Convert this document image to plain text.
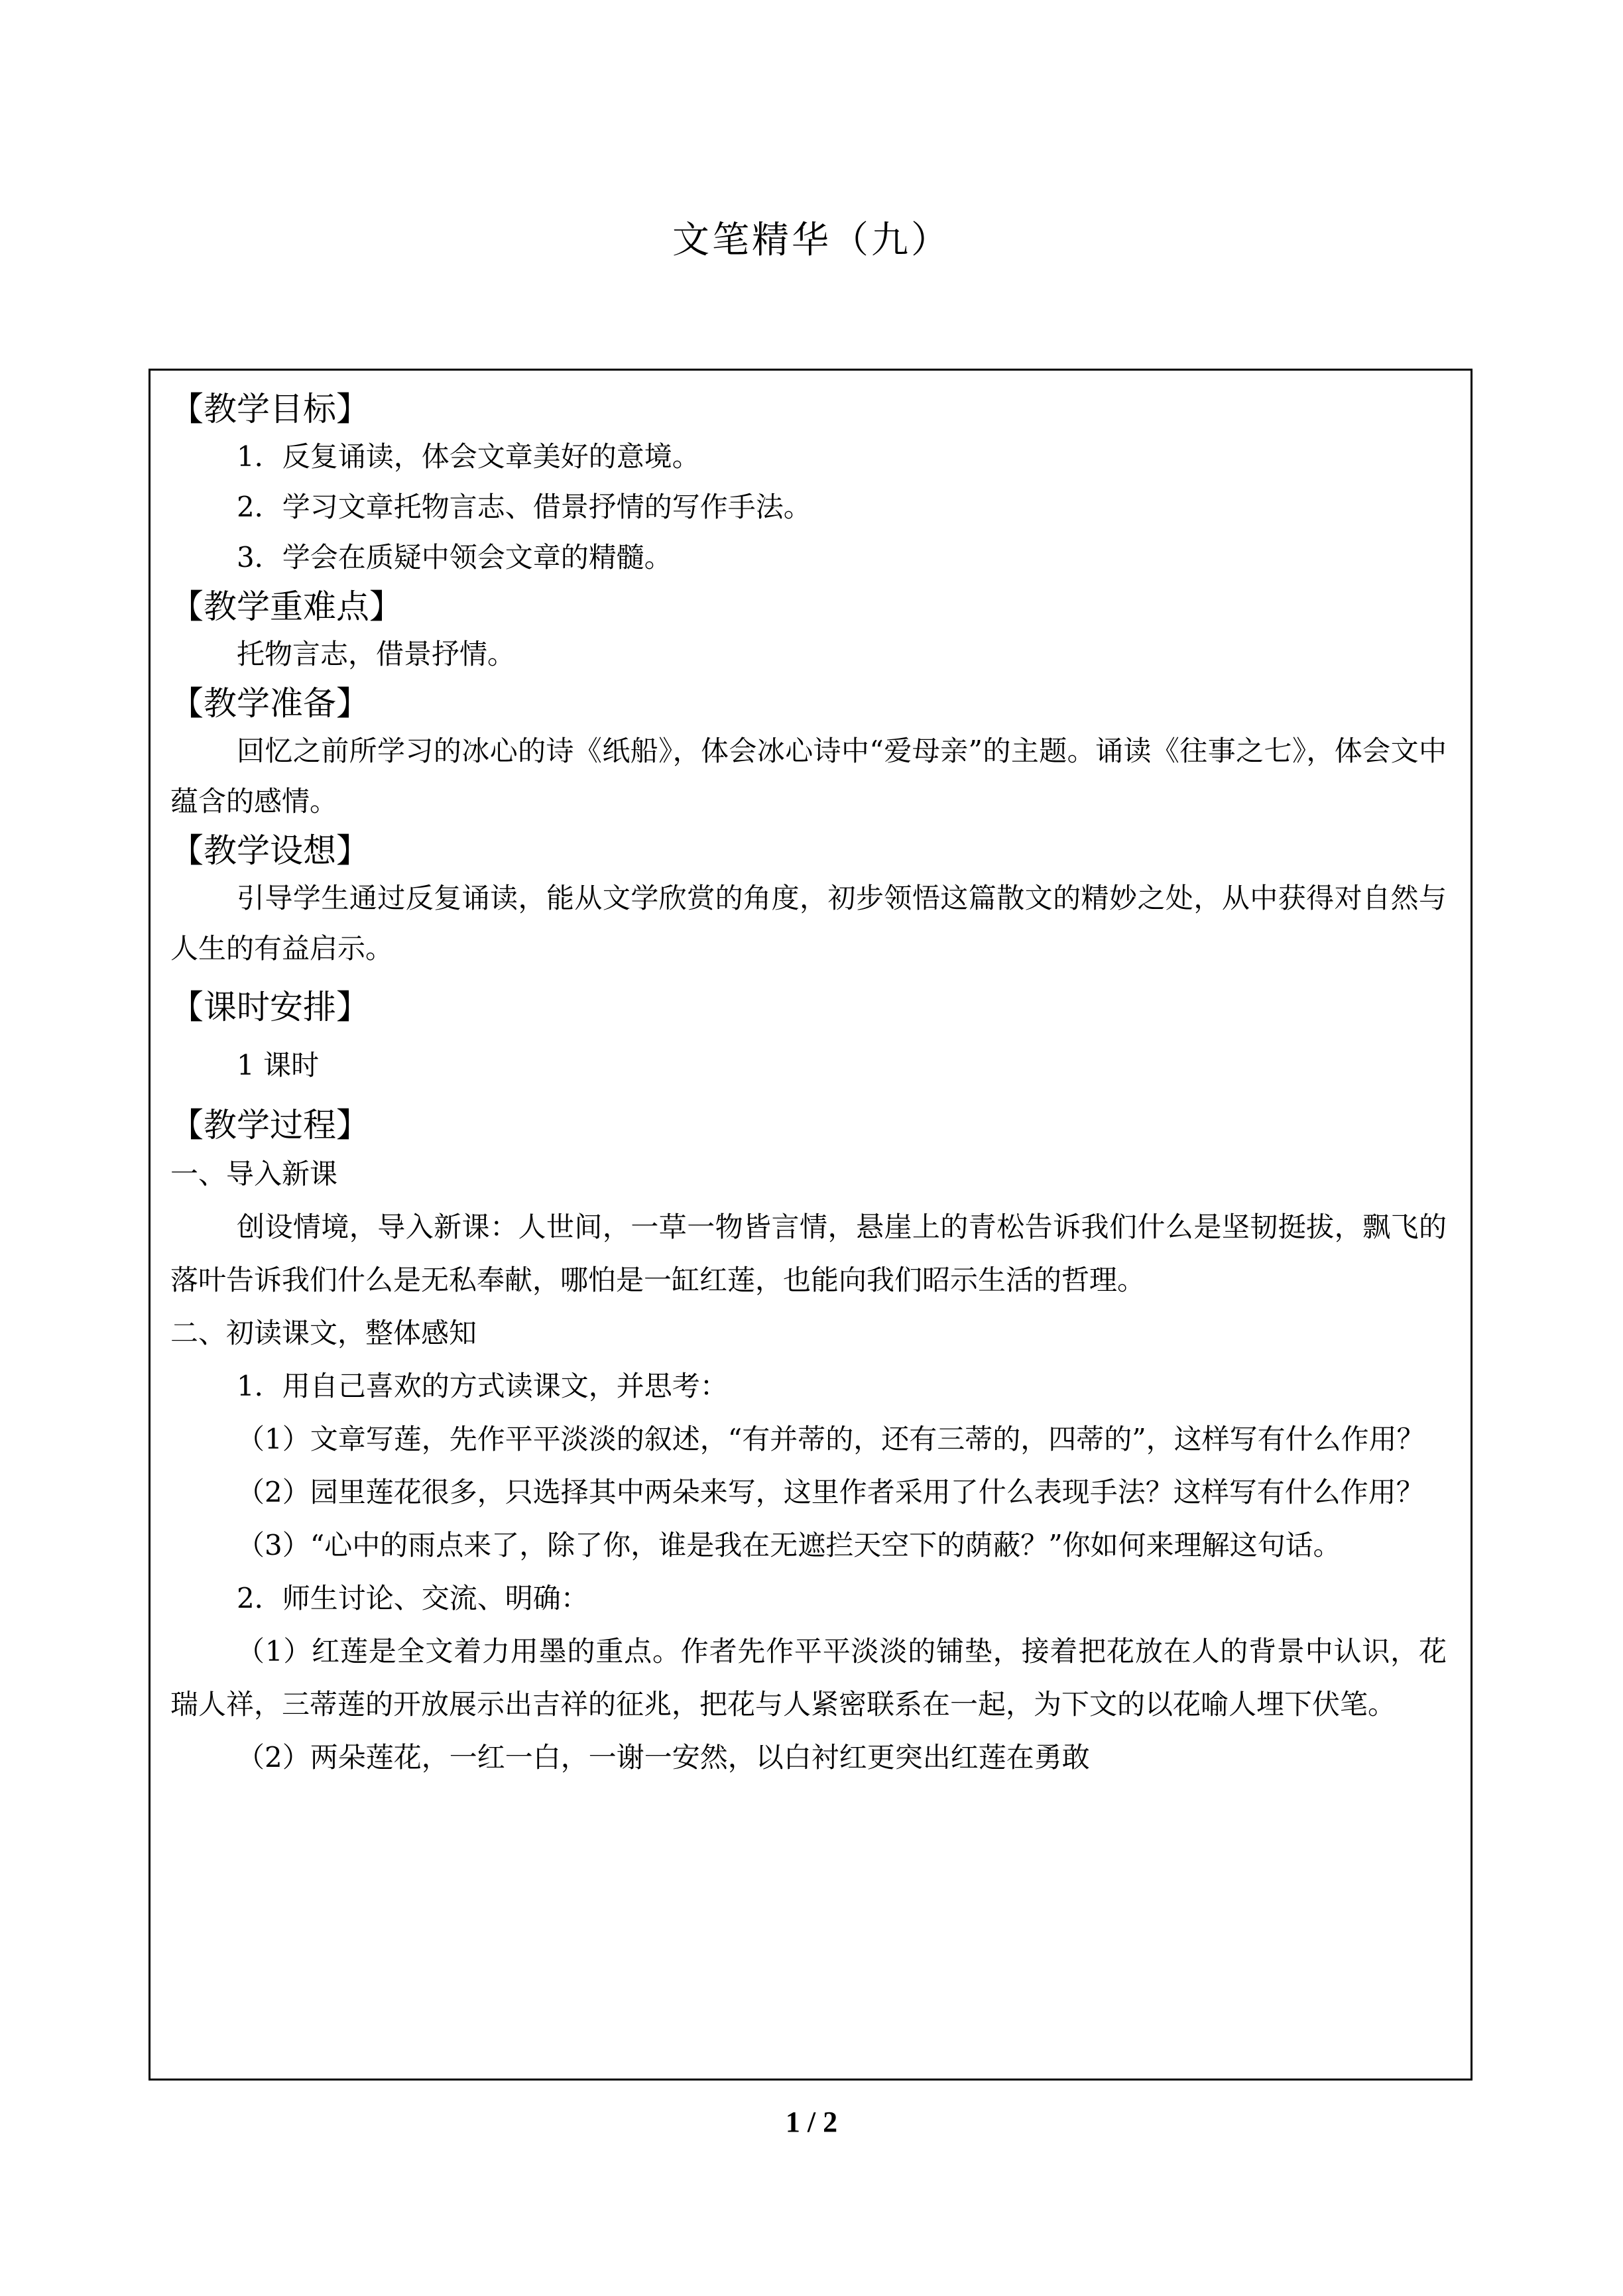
文笔精华（九）
【教学目标】
1．反复诵读，体会文章美好的意境。
2．学习文章托物言志、借景抒情的写作手法。
3．学会在质疑中领会文章的精髓。
【教学重难点】
托物言志，借景抒情。
【教学准备】
回忆之前所学习的冰心的诗《纸船》，体会冰心诗中“爱母亲”的主题。诵读《往事之七》，体会文中蕴含的感情。
【教学设想】
引导学生通过反复诵读，能从文学欣赏的角度，初步领悟这篇散文的精妙之处，从中获得对自然与人生的有益启示。
【课时安排】
1 课时
【教学过程】
一、导入新课
创设情境，导入新课：人世间，一草一物皆言情，悬崖上的青松告诉我们什么是坚韧挺拔，飘飞的落叶告诉我们什么是无私奉献，哪怕是一缸红莲，也能向我们昭示生活的哲理。
二、初读课文，整体感知
1．用自己喜欢的方式读课文，并思考：
（1）文章写莲，先作平平淡淡的叙述，“有并蒂的，还有三蒂的，四蒂的”，这样写有什么作用？
（2）园里莲花很多，只选择其中两朵来写，这里作者采用了什么表现手法？这样写有什么作用？
（3）“心中的雨点来了，除了你，谁是我在无遮拦天空下的荫蔽？”你如何来理解这句话。
2．师生讨论、交流、明确：
（1）红莲是全文着力用墨的重点。作者先作平平淡淡的铺垫，接着把花放在人的背景中认识，花瑞人祥，三蒂莲的开放展示出吉祥的征兆，把花与人紧密联系在一起，为下文的以花喻人埋下伏笔。
（2）两朵莲花，一红一白，一谢一安然，以白衬红更突出红莲在勇敢
1 / 2
